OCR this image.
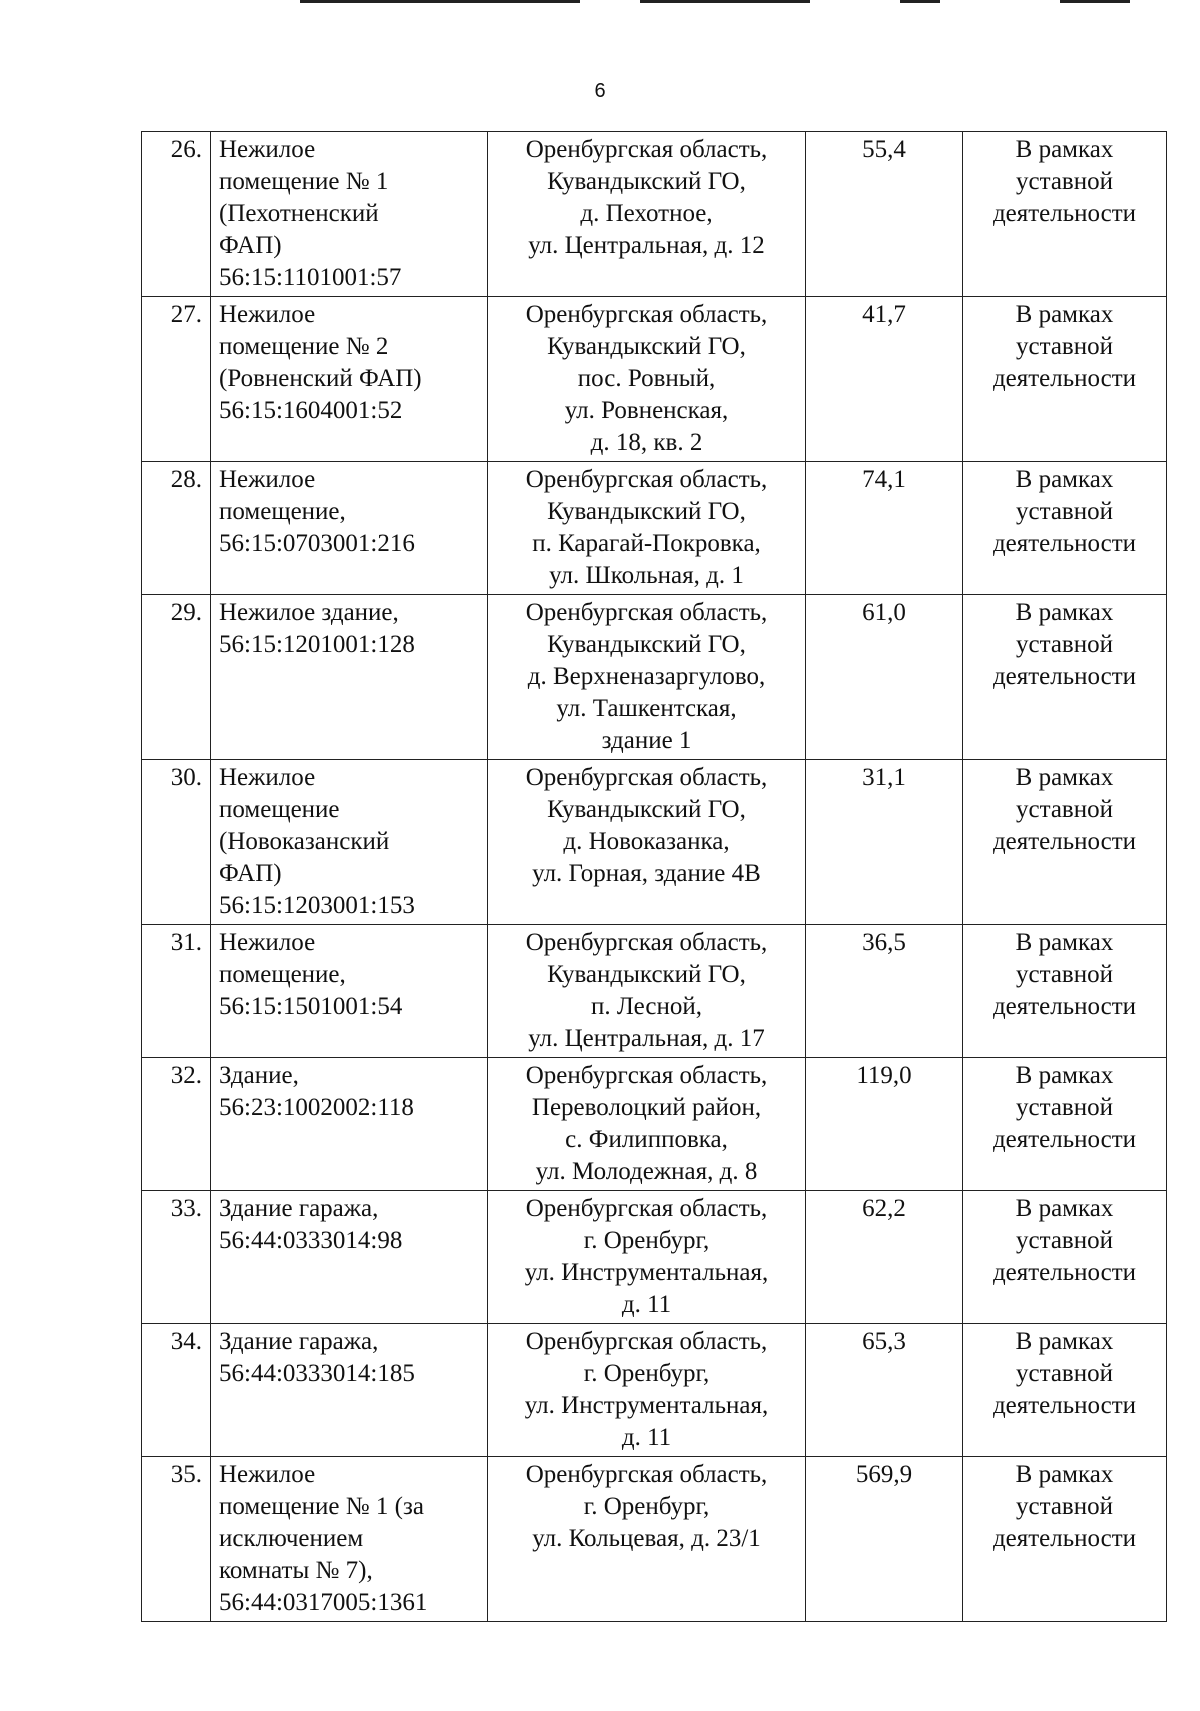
6
26.	Нежилое
помещение № 1
(Пехотненский
ФАП)
56:15:1101001:57	Оренбургская область,
Кувандыкский ГО,
д. Пехотное,
ул. Центральная, д. 12	55,4	В рамках
уставной
деятельности

27.	Нежилое
помещение № 2
(Ровненский ФАП)
56:15:1604001:52	Оренбургская область,
Кувандыкский ГО,
пос. Ровный,
ул. Ровненская,
д. 18, кв. 2	41,7	В рамках
уставной
деятельности

28.	Нежилое
помещение,
56:15:0703001:216	Оренбургская область,
Кувандыкский ГО,
п. Карагай-Покровка,
ул. Школьная, д. 1	74,1	В рамках
уставной
деятельности

29.	Нежилое здание,
56:15:1201001:128	Оренбургская область,
Кувандыкский ГО,
д. Верхненазаргулово,
ул. Ташкентская,
здание 1	61,0	В рамках
уставной
деятельности

30.	Нежилое
помещение
(Новоказанский
ФАП)
56:15:1203001:153	Оренбургская область,
Кувандыкский ГО,
д. Новоказанка,
ул. Горная, здание 4В	31,1	В рамках
уставной
деятельности

31.	Нежилое
помещение,
56:15:1501001:54	Оренбургская область,
Кувандыкский ГО,
п. Лесной,
ул. Центральная, д. 17	36,5	В рамках
уставной
деятельности

32.	Здание,
56:23:1002002:118	Оренбургская область,
Переволоцкий район,
с. Филипповка,
ул. Молодежная, д. 8	119,0	В рамках
уставной
деятельности

33.	Здание гаража,
56:44:0333014:98	Оренбургская область,
г. Оренбург,
ул. Инструментальная,
д. 11	62,2	В рамках
уставной
деятельности

34.	Здание гаража,
56:44:0333014:185	Оренбургская область,
г. Оренбург,
ул. Инструментальная,
д. 11	65,3	В рамках
уставной
деятельности

35.	Нежилое
помещение № 1 (за
исключением
комнаты № 7),
56:44:0317005:1361	Оренбургская область,
г. Оренбург,
ул. Кольцевая, д. 23/1	569,9	В рамках
уставной
деятельности
